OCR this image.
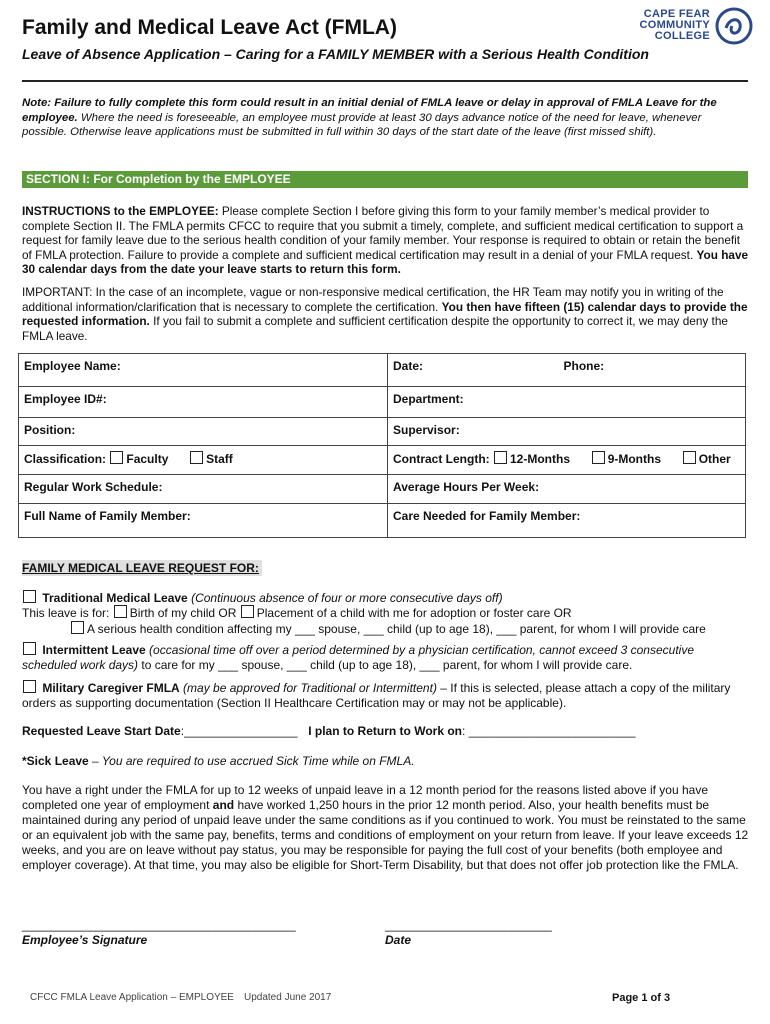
Family and Medical Leave Act (FMLA)
Leave of Absence Application – Caring for a FAMILY MEMBER with a Serious Health Condition
CAPE FEAR
COMMUNITY
COLLEGE
Note: Failure to fully complete this form could result in an initial denial of FMLA leave or delay in approval of FMLA Leave for the employee. Where the need is foreseeable, an employee must provide at least 30 days advance notice of the need for leave, whenever possible. Otherwise leave applications must be submitted in full within 30 days of the start date of the leave (first missed shift).
SECTION I: For Completion by the EMPLOYEE
INSTRUCTIONS to the EMPLOYEE: Please complete Section I before giving this form to your family member’s medical provider to complete Section II. The FMLA permits CFCC to require that you submit a timely, complete, and sufficient medical certification to support a request for family leave due to the serious health condition of your family member. Your response is required to obtain or retain the benefit of FMLA protection. Failure to provide a complete and sufficient medical certification may result in a denial of your FMLA request. You have 30 calendar days from the date your leave starts to return this form.
IMPORTANT: In the case of an incomplete, vague or non-responsive medical certification, the HR Team may notify you in writing of the additional information/clarification that is necessary to complete the certification. You then have fifteen (15) calendar days to provide the requested information. If you fail to submit a complete and sufficient certification despite the opportunity to correct it, we may deny the FMLA leave.
Employee Name:	Date: Phone:

Employee ID#:	Department:
Position:	Supervisor:
Classification: Faculty Staff	Contract Length: 12-Months 9-Months Other
Regular Work Schedule:	Average Hours Per Week:
Full Name of Family Member:	Care Needed for Family Member:
FAMILY MEDICAL LEAVE REQUEST FOR:
Traditional Medical Leave (Continuous absence of four or more consecutive days off)
This leave is for: Birth of my child OR Placement of a child with me for adoption or foster care OR
A serious health condition affecting my ___ spouse, ___ child (up to age 18), ___ parent, for whom I will provide care
Intermittent Leave (occasional time off over a period determined by a physician certification, cannot exceed 3 consecutive scheduled work days) to care for my ___ spouse, ___ child (up to age 18), ___ parent, for whom I will provide care.
Military Caregiver FMLA (may be approved for Traditional or Intermittent) – If this is selected, please attach a copy of the military orders as supporting documentation (Section II Healthcare Certification may or may not be applicable).
Requested Leave Start Date:_________________ I plan to Return to Work on: _________________________
*Sick Leave – You are required to use accrued Sick Time while on FMLA.
You have a right under the FMLA for up to 12 weeks of unpaid leave in a 12 month period for the reasons listed above if you have completed one year of employment and have worked 1,250 hours in the prior 12 month period. Also, your health benefits must be maintained during any period of unpaid leave under the same conditions as if you continued to work. You must be reinstated to the same or an equivalent job with the same pay, benefits, terms and conditions of employment on your return from leave. If your leave exceeds 12 weeks, and you are on leave without pay status, you may be responsible for paying the full cost of your benefits (both employee and employer coverage). At that time, you may also be eligible for Short-Term Disability, but that does not offer job protection like the FMLA.
_________________________________________
Employee’s Signature
_________________________
Date
CFCC FMLA Leave Application – EMPLOYEE Updated June 2017	Page 1 of 3
